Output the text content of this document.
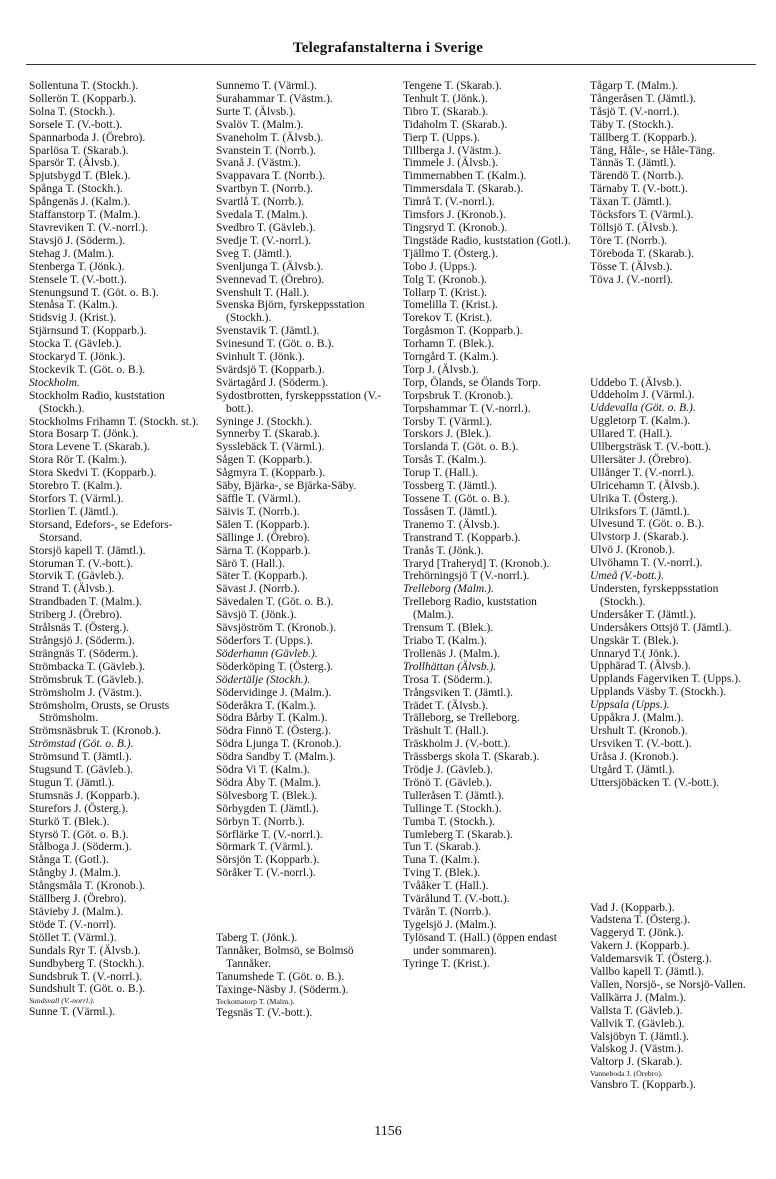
Telegrafanstalterna i Sverige

Sollentuna T. (Stockh.).

Sollerön T. (Kopparb.).

Solna T. (Stockh.).

Sorsele T. (V.-bott.).

Spannarboda J. (Örebro).

Sparlösa T. (Skarab.).

Sparsör T. (Älvsb.).

Spjutsbygd T. (Blek.).

Spånga T. (Stockh.).

Spångenäs J. (Kalm.).

Staffanstorp T. (Malm.).

Stavreviken T. (V.-norrl.).

Stavsjö J. (Söderm.).

Stehag J. (Malm.).

Stenberga T. (Jönk.).

Stensele T. (V.-bott.).

Stenungsund T. (Göt. o. B.).

Stenåsa T. (Kalm.).

Stidsvig J. (Krist.).

Stjärnsund T. (Kopparb.).

Stocka T. (Gävleb.).

Stockaryd T. (Jönk.).

Stockevik T. (Göt. o. B.).

Stockholm.

Stockholm Radio, kuststation (Stockh.).

Stockholms Frihamn T. (Stockh. st.).

Stora Bosarp T. (Jönk.).

Stora Levene T. (Skarab.).

Stora Rör T. (Kalm.).

Stora Skedvi T. (Kopparb.).

Storebro T. (Kalm.).

Storfors T. (Värml.).

Storlien T. (Jämtl.).

Storsand, Edefors-, se Edefors-Storsand.

Storsjö kapell T. (Jämtl.).

Storuman T. (V.-bott.).

Storvik T. (Gävleb.).

Strand T. (Älvsb.).

Strandbaden T. (Malm.).

Striberg J. (Örebro).

Strålsnäs T. (Österg.).

Strångsjö J. (Söderm.).

Strängnäs T. (Söderm.).

Strömbacka T. (Gävleb.).

Strömsbruk T. (Gävleb.).

Strömsholm J. (Västm.).

Strömsholm, Orusts, se Orusts Strömsholm.

Strömsnäsbruk T. (Kronob.).

Strömstad (Göt. o. B.).

Strömsund T. (Jämtl.).

Stugsund T. (Gävleb.).

Stugun T. (Jämtl.).

Stumsnäs J. (Kopparb.).

Sturefors J. (Österg.).

Sturkö T. (Blek.).

Styrsö T. (Göt. o. B.).

Stålboga J. (Söderm.).

Stånga T. (Gotl.).

Stångby J. (Malm.).

Stångsmåla T. (Kronob.).

Ställberg J. (Örebro).

Stävieby J. (Malm.).

Stöde T. (V.-norrl).

Stöllet T. (Värml.).

Sundals Ryr T. (Älvsb.).

Sundbyberg T. (Stockh.).

Sundsbruk T. (V.-norrl.).

Sundshult T. (Göt. o. B.).

Sundsvall (V.-norrl.).

Sunne T. (Värml.).

Sunnemo T. (Värml.).

Surahammar T. (Västm.).

Surte T. (Älvsb.).

Svalöv T. (Malm.).

Svaneholm T. (Älvsb.).

Svanstein T. (Norrb.).

Svanå J. (Västm.).

Svappavara T. (Norrb.).

Svartbyn T. (Norrb.).

Svartlå T. (Norrb.).

Svedala T. (Malm.).

Svedbro T. (Gävleb.).

Svedje T. (V.-norrl.).

Sveg T. (Jämtl.).

Svenljunga T. (Älvsb.).

Svennevad T. (Örebro).

Svenshult T. (Hall.).

Svenska Björn, fyrskeppsstation (Stockh.).

Svenstavik T. (Jämtl.).

Svinesund T. (Göt. o. B.).

Svinhult T. (Jönk.).

Svärdsjö T. (Kopparb.).

Svärtagård J. (Söderm.).

Sydostbrotten, fyrskeppsstation (V.-bott.).

Syninge J. (Stockh.).

Synnerby T. (Skarab.).

Sysslebäck T. (Värml.).

Sågen T. (Kopparb.).

Sågmyra T. (Kopparb.).

Säby, Bjärka-, se Bjärka-Säby.

Säffle T. (Värml.).

Säivis T. (Norrb.).

Sälen T. (Kopparb.).

Sällinge J. (Örebro).

Särna T. (Kopparb.).

Särö T. (Hall.).

Säter T. (Kopparb.).

Sävast J. (Norrb.).

Sävedalen T. (Göt. o. B.).

Sävsjö T. (Jönk.).

Sävsjöström T. (Kronob.).

Söderfors T. (Upps.).

Söderhamn (Gävleb.).

Söderköping T. (Österg.).

Södertälje (Stockh.).

Södervidinge J. (Malm.).

Söderåkra T. (Kalm.).

Södra Bårby T. (Kalm.).

Södra Finnö T. (Österg.).

Södra Ljunga T. (Kronob.).

Södra Sandby T. (Malm.).

Södra Vi T. (Kalm.).

Södra Åby T. (Malm.).

Sölvesborg T. (Blek.).

Sörbygden T. (Jämtl.).

Sörbyn T. (Norrb.).

Sörflärke T. (V.-norrl.).

Sörmark T. (Värml.).

Sörsjön T. (Kopparb.).

Söråker T. (V.-norrl.).

Taberg T. (Jönk.).

Tannåker, Bolmsö, se Bolmsö Tannåker.

Tanumshede T. (Göt. o. B.).

Taxinge-Näsby J. (Söderm.).

Teckomatorp T. (Malm.).

Tegsnäs T. (V.-bott.).

Tengene T. (Skarab.).

Tenhult T. (Jönk.).

Tibro T. (Skarab.).

Tidaholm T. (Skarab.).

Tierp T. (Upps.).

Tillberga J. (Västm.).

Timmele J. (Älvsb.).

Timmernabben T. (Kalm.).

Timmersdala T. (Skarab.).

Timrå T. (V.-norrl.).

Timsfors J. (Kronob.).

Tingsryd T. (Kronob.).

Tingstäde Radio, kuststation (Gotl.).

Tjällmo T. (Österg.).

Tobo J. (Upps.).

Tolg T. (Kronob.).

Tollarp T. (Krist.).

Tomelilla T. (Krist.).

Torekov T. (Krist.).

Torgåsmon T. (Kopparb.).

Torhamn T. (Blek.).

Torngård T. (Kalm.).

Torp J. (Älvsb.).

Torp, Ölands, se Ölands Torp.

Torpsbruk T. (Kronob.).

Torpshammar T. (V.-norrl.).

Torsby T. (Värml.).

Torskors J. (Blek.).

Torslanda T. (Göt. o. B.).

Torsås T. (Kalm.).

Torup T. (Hall.).

Tossberg T. (Jämtl.).

Tossene T. (Göt. o. B.).

Tossåsen T. (Jämtl.).

Tranemo T. (Älvsb.).

Transtrand T. (Kopparb.).

Tranås T. (Jönk.).

Traryd [Traheryd] T. (Kronob.).

Trehörningsjö T (V.-norrl.).

Trelleborg (Malm.).

Trelleborg Radio, kuststation (Malm.).

Trensum T. (Blek.).

Triabo T. (Kalm.).

Trollenäs J. (Malm.).

Trollhättan (Älvsb.).

Trosa T. (Söderm.).

Trångsviken T. (Jämtl.).

Trädet T. (Älvsb.).

Trälleborg, se Trelleborg.

Träshult T. (Hall.).

Träskholm J. (V.-bott.).

Trässbergs skola T. (Skarab.).

Trödje J. (Gävleb.).

Trönö T. (Gävleb.).

Tulleråsen T. (Jämtl.).

Tullinge T. (Stockh.).

Tumba T. (Stockh.).

Tumleberg T. (Skarab.).

Tun T. (Skarab.).

Tuna T. (Kalm.).

Tving T. (Blek.).

Tvååker T. (Hall.).

Tvärålund T. (V.-bott.).

Tvärån T. (Norrb.).

Tygelsjö J. (Malm.).

Tylösand T. (Hall.) (öppen endast under sommaren).

Tyringe T. (Krist.).

Tågarp T. (Malm.).

Tångeråsen T. (Jämtl.).

Tåsjö T. (V.-norrl.).

Täby T. (Stockh.).

Tällberg T. (Kopparb.).

Täng, Håle-, se Håle-Täng.

Tännäs T. (Jämtl.).

Tärendö T. (Norrb.).

Tärnaby T. (V.-bott.).

Täxan T. (Jämtl.).

Töcksfors T. (Värml.).

Töllsjö T. (Älvsb.).

Töre T. (Norrb.).

Töreboda T. (Skarab.).

Tösse T. (Älvsb.).

Töva J. (V.-norrl).

Uddebo T. (Älvsb.).

Uddeholm J. (Värml.).

Uddevalla (Göt. o. B.).

Uggletorp T. (Kalm.).

Ullared T. (Hall.).

Ullbergsträsk T. (V.-bott.).

Ullersäter J. (Örebro).

Ullånger T. (V.-norrl.).

Ulricehamn T. (Älvsb.).

Ulrika T. (Österg.).

Ulriksfors T. (Jämtl.).

Ulvesund T. (Göt. o. B.).

Ulvstorp J. (Skarab.).

Ulvö J. (Kronob.).

Ulvöhamn T. (V.-norrl.).

Umeå (V.-bott.).

Understen, fyrskeppsstation (Stockh.).

Undersåker T. (Jämtl.).

Undersåkers Ottsjö T. (Jämtl.).

Ungskär T. (Blek.).

Unnaryd T.( Jönk.).

Upphärad T. (Älvsb.).

Upplands Fagerviken T. (Upps.).

Upplands Väsby T. (Stockh.).

Uppsala (Upps.).

Uppåkra J. (Malm.).

Urshult T. (Kronob.).

Ursviken T. (V.-bott.).

Uråsa J. (Kronob.).

Utgård T. (Jämtl.).

Uttersjöbäcken T. (V.-bott.).

Vad J. (Kopparb.).

Vadstena T. (Österg.).

Vaggeryd T. (Jönk.).

Vakern J. (Kopparb.).

Valdemarsvik T. (Österg.).

Vallbo kapell T. (Jämtl.).

Vallen, Norsjö-, se Norsjö-Vallen.

Vallkärra J. (Malm.).

Vallsta T. (Gävleb.).

Vallvik T. (Gävleb.).

Valsjöbyn T. (Jämtl.).

Valskog J. (Västm.).

Valtorp J. (Skarab.).

Vanneboda J. (Örebro).

Vansbro T. (Kopparb.).

1156
